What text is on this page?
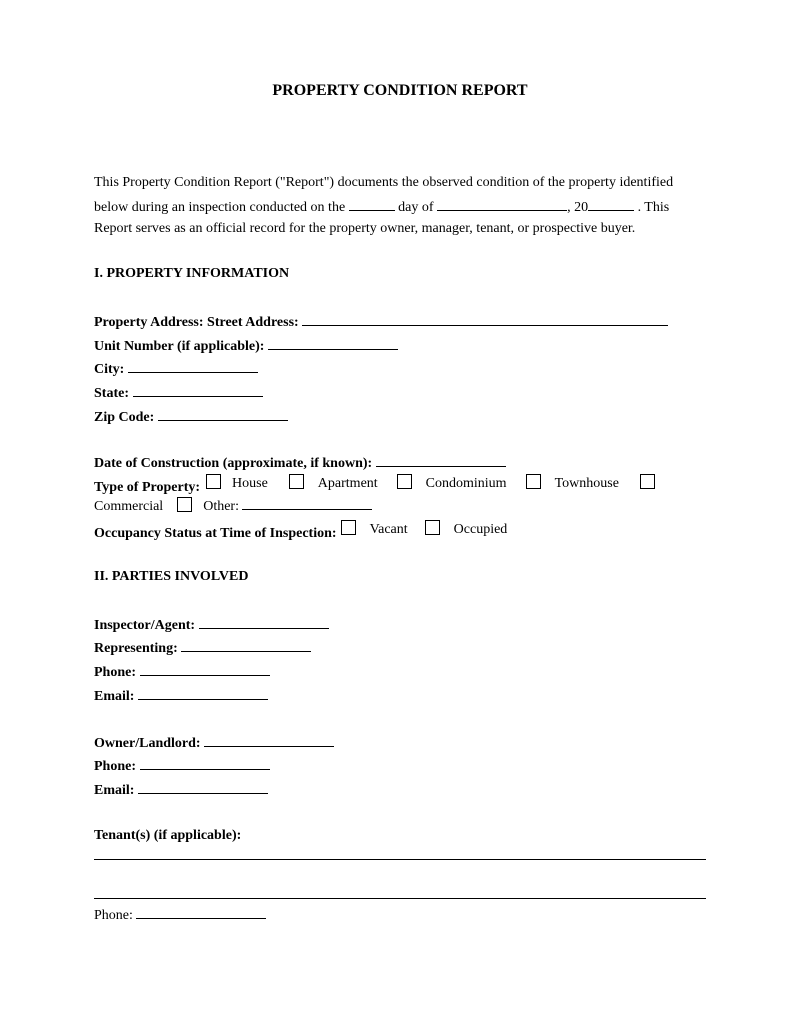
PROPERTY CONDITION REPORT
This Property Condition Report ("Report") documents the observed condition of the property identified
below during an inspection conducted on the	day of	, 20	. This
Report serves as an official record for the property owner, manager, tenant, or prospective buyer.
I. PROPERTY INFORMATION
Property Address: Street Address:
Unit Number (if applicable):
City:
State:
Zip Code:
Date of Construction (approximate, if known):
Type of Property: House	Apartment	Condominium	Townhouse
Commercial	Other:
Occupancy Status at Time of Inspection: Vacant	Occupied
II. PARTIES INVOLVED
Inspector/Agent:
Representing:
Phone:
Email:
Owner/Landlord:
Phone:
Email:
Tenant(s) (if applicable):
Phone:
